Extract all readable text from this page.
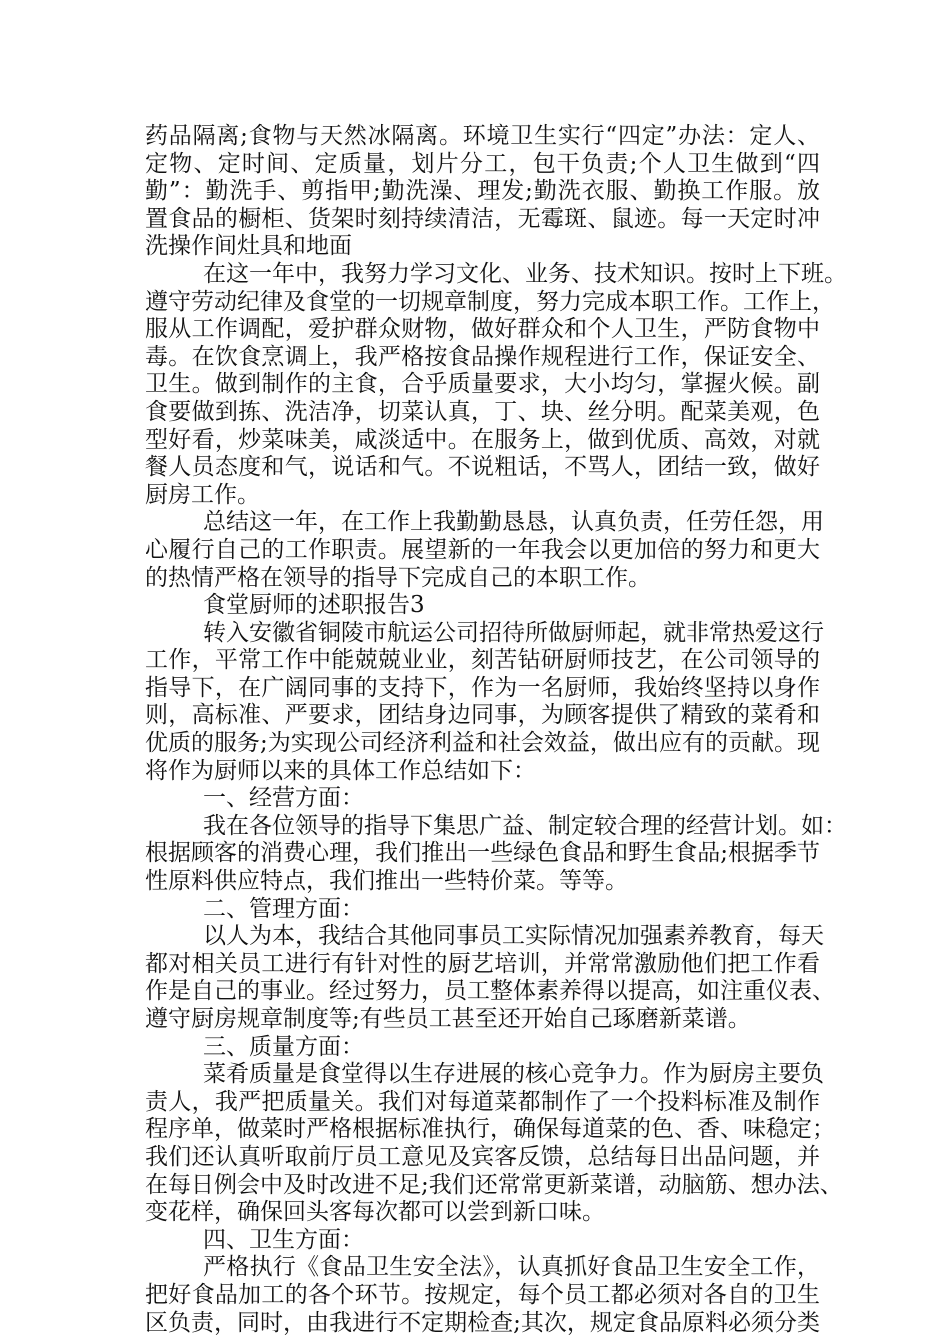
药品隔离;食物与天然冰隔离。环境卫生实行“四定”办法：定人、
定物、定时间、定质量，划片分工，包干负责;个人卫生做到“四
勤”：勤洗手、剪指甲;勤洗澡、理发;勤洗衣服、勤换工作服。放
置食品的橱柜、货架时刻持续清洁，无霉斑、鼠迹。每一天定时冲
洗操作间灶具和地面
在这一年中，我努力学习文化、业务、技术知识。按时上下班。
遵守劳动纪律及食堂的一切规章制度，努力完成本职工作。工作上，
服从工作调配，爱护群众财物，做好群众和个人卫生，严防食物中
毒。在饮食烹调上，我严格按食品操作规程进行工作，保证安全、
卫生。做到制作的主食，合乎质量要求，大小均匀，掌握火候。副
食要做到拣、洗洁净，切菜认真，丁、块、丝分明。配菜美观，色
型好看，炒菜味美，咸淡适中。在服务上，做到优质、高效，对就
餐人员态度和气，说话和气。不说粗话，不骂人，团结一致，做好
厨房工作。
总结这一年，在工作上我勤勤恳恳，认真负责，任劳任怨，用
心履行自己的工作职责。展望新的一年我会以更加倍的努力和更大
的热情严格在领导的指导下完成自己的本职工作。
食堂厨师的述职报告3
转入安徽省铜陵市航运公司招待所做厨师起，就非常热爱这行
工作，平常工作中能兢兢业业，刻苦钻研厨师技艺，在公司领导的
指导下，在广阔同事的支持下，作为一名厨师，我始终坚持以身作
则，高标准、严要求，团结身边同事，为顾客提供了精致的菜肴和
优质的服务;为实现公司经济利益和社会效益，做出应有的贡献。现
将作为厨师以来的具体工作总结如下：
一、经营方面：
我在各位领导的指导下集思广益、制定较合理的经营计划。如：
根据顾客的消费心理，我们推出一些绿色食品和野生食品;根据季节
性原料供应特点，我们推出一些特价菜。等等。
二、管理方面：
以人为本，我结合其他同事员工实际情况加强素养教育，每天
都对相关员工进行有针对性的厨艺培训，并常常激励他们把工作看
作是自己的事业。经过努力，员工整体素养得以提高，如注重仪表、
遵守厨房规章制度等;有些员工甚至还开始自己琢磨新菜谱。
三、质量方面：
菜肴质量是食堂得以生存进展的核心竞争力。作为厨房主要负
责人，我严把质量关。我们对每道菜都制作了一个投料标准及制作
程序单，做菜时严格根据标准执行，确保每道菜的色、香、味稳定；
我们还认真听取前厅员工意见及宾客反馈，总结每日出品问题，并
在每日例会中及时改进不足;我们还常常更新菜谱，动脑筋、想办法、
变花样，确保回头客每次都可以尝到新口味。
四、卫生方面：
严格执行《食品卫生安全法》，认真抓好食品卫生安全工作，
把好食品加工的各个环节。按规定，每个员工都必须对各自的卫生
区负责，同时，由我进行不定期检查;其次，规定食品原料必须分类
